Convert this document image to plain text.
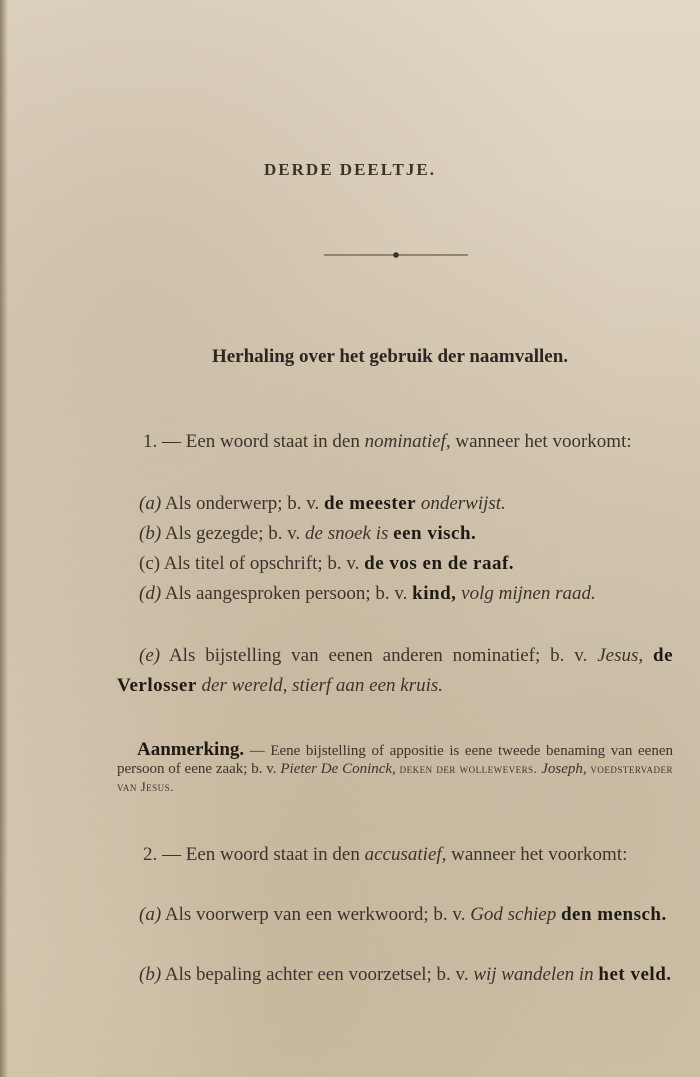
DERDE DEELTJE.
Herhaling over het gebruik der naamvallen.
1. — Een woord staat in den nominatief, wanneer het voorkomt:
(a) Als onderwerp; b. v. de meester onderwijst.
(b) Als gezegde; b. v. de snoek is een visch.
(c) Als titel of opschrift; b. v. de vos en de raaf.
(d) Als aangesproken persoon; b. v. kind, volg mijnen raad.
(e) Als bijstelling van eenen anderen nominatief; b. v. Jesus, de Verlosser der wereld, stierf aan een kruis.
Aanmerking. — Eene bijstelling of appositie is eene tweede benaming van eenen persoon of eene zaak; b. v. Pieter De Coninck, deken der wollewevers. Joseph, voedstervader van Jesus.
2. — Een woord staat in den accusatief, wanneer het voorkomt:
(a) Als voorwerp van een werkwoord; b. v. God schiep den mensch.
(b) Als bepaling achter een voorzetsel; b. v. wij wandelen in het veld.
